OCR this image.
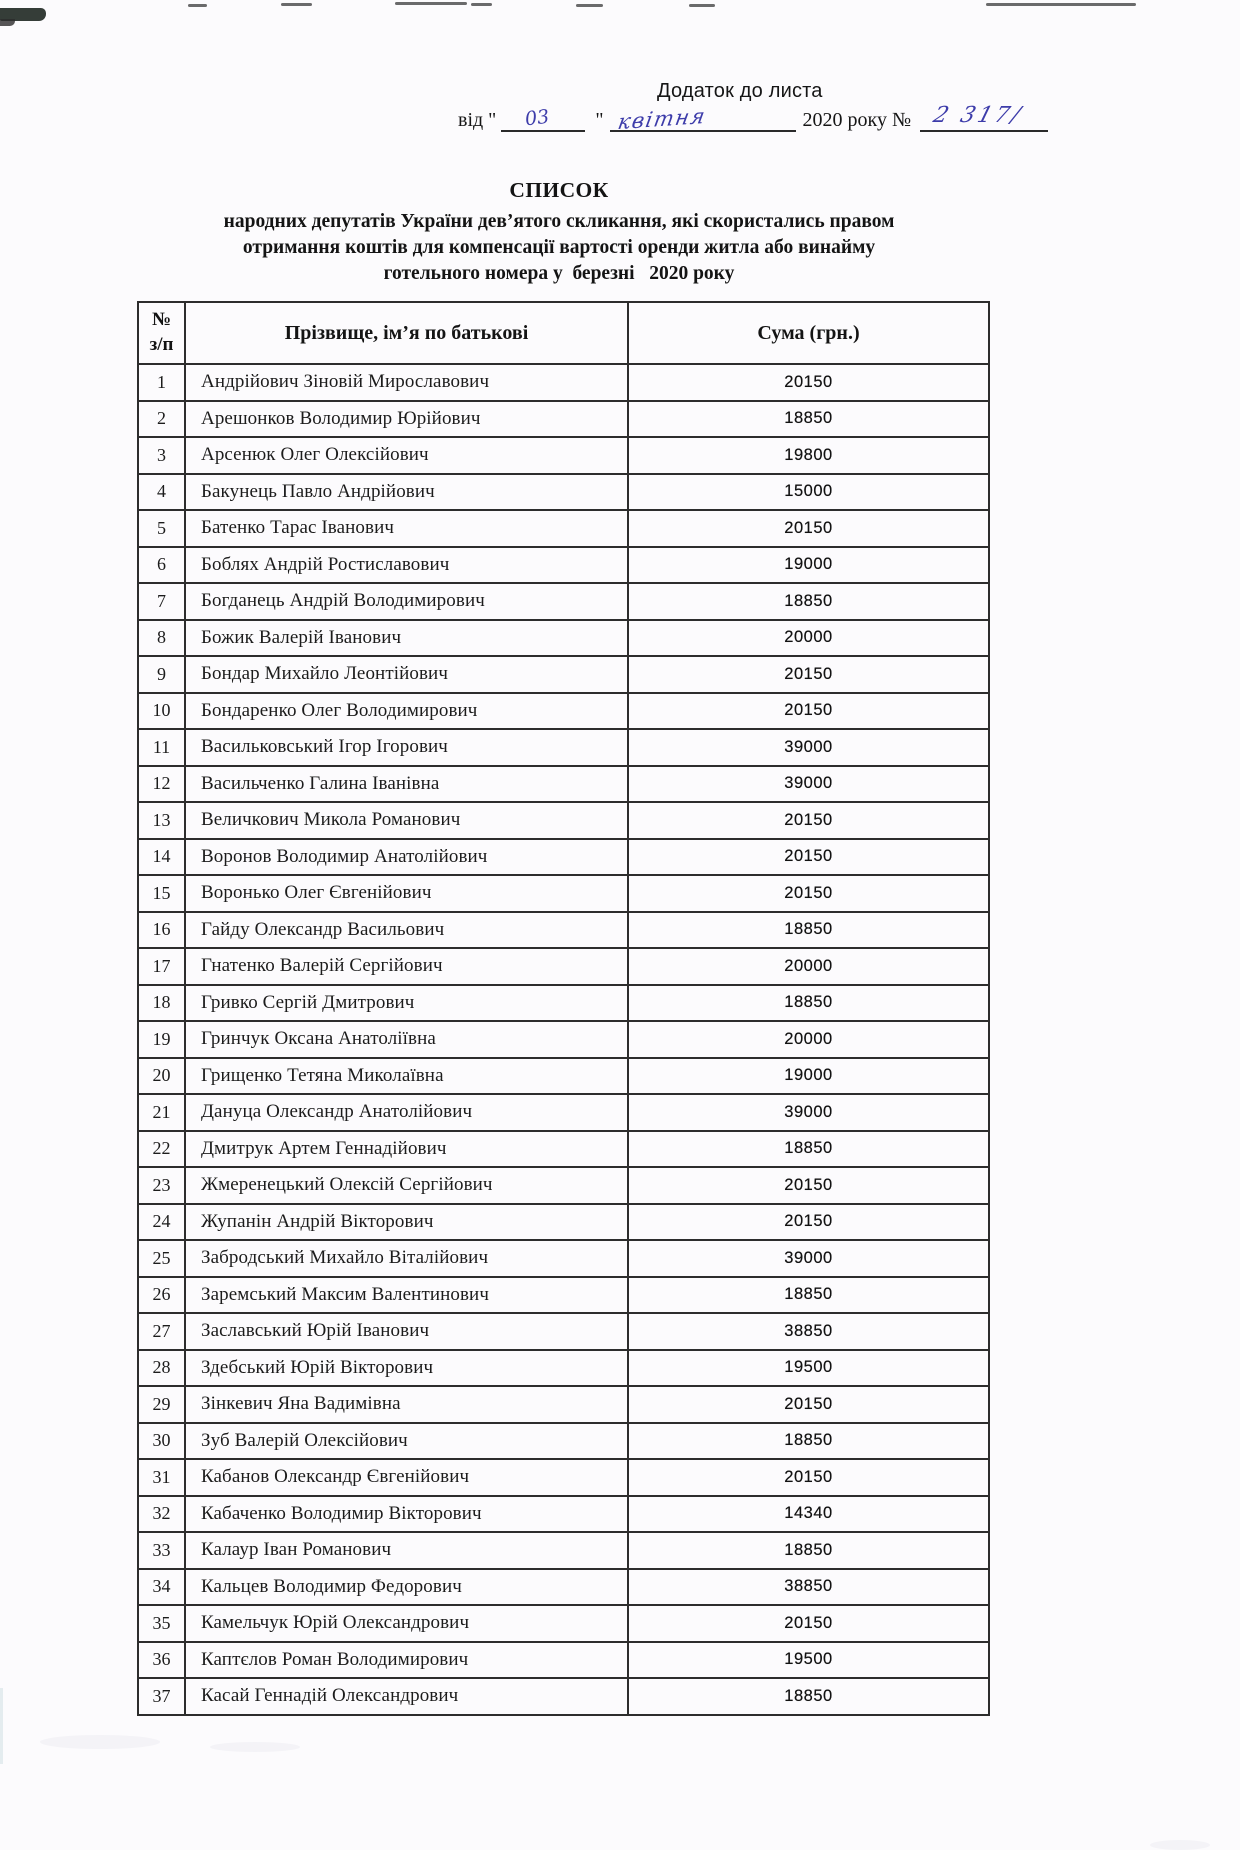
Додаток до листа
від " 03 " квітня	2020 року № 2 317/
СПИСОК
народних депутатів України дев’ятого скликання, які скористались правом
отримання коштів для компенсації вартості оренди житла або винайму
готельного номера у  березні   2020 року
№
з/п	Прізвище, ім’я по батькові	Сума (грн.)
1	Андрійович Зіновій Мирославович	20150
2	Арешонков Володимир Юрійович	18850
3	Арсенюк Олег Олексійович	19800
4	Бакунець Павло Андрійович	15000
5	Батенко Тарас Іванович	20150
6	Боблях Андрій Ростиславович	19000
7	Богданець Андрій Володимирович	18850
8	Божик Валерій Іванович	20000
9	Бондар Михайло Леонтійович	20150
10	Бондаренко Олег Володимирович	20150
11	Васильковський Ігор Ігорович	39000
12	Васильченко Галина Іванівна	39000
13	Величкович Микола Романович	20150
14	Воронов Володимир Анатолійович	20150
15	Воронько Олег Євгенійович	20150
16	Гайду Олександр Васильович	18850
17	Гнатенко Валерій Сергійович	20000
18	Гривко Сергій Дмитрович	18850
19	Гринчук Оксана Анатоліївна	20000
20	Грищенко Тетяна Миколаївна	19000
21	Дануца Олександр Анатолійович	39000
22	Дмитрук Артем Геннадійович	18850
23	Жмеренецький Олексій Сергійович	20150
24	Жупанін Андрій Вікторович	20150
25	Забродський Михайло Віталійович	39000
26	Заремський Максим Валентинович	18850
27	Заславський Юрій Іванович	38850
28	Здебський Юрій Вікторович	19500
29	Зінкевич Яна Вадимівна	20150
30	Зуб Валерій Олексійович	18850
31	Кабанов Олександр Євгенійович	20150
32	Кабаченко Володимир Вікторович	14340
33	Калаур Іван Романович	18850
34	Кальцев Володимир Федорович	38850
35	Камельчук Юрій Олександрович	20150
36	Каптєлов Роман Володимирович	19500
37	Касай Геннадій Олександрович	18850
